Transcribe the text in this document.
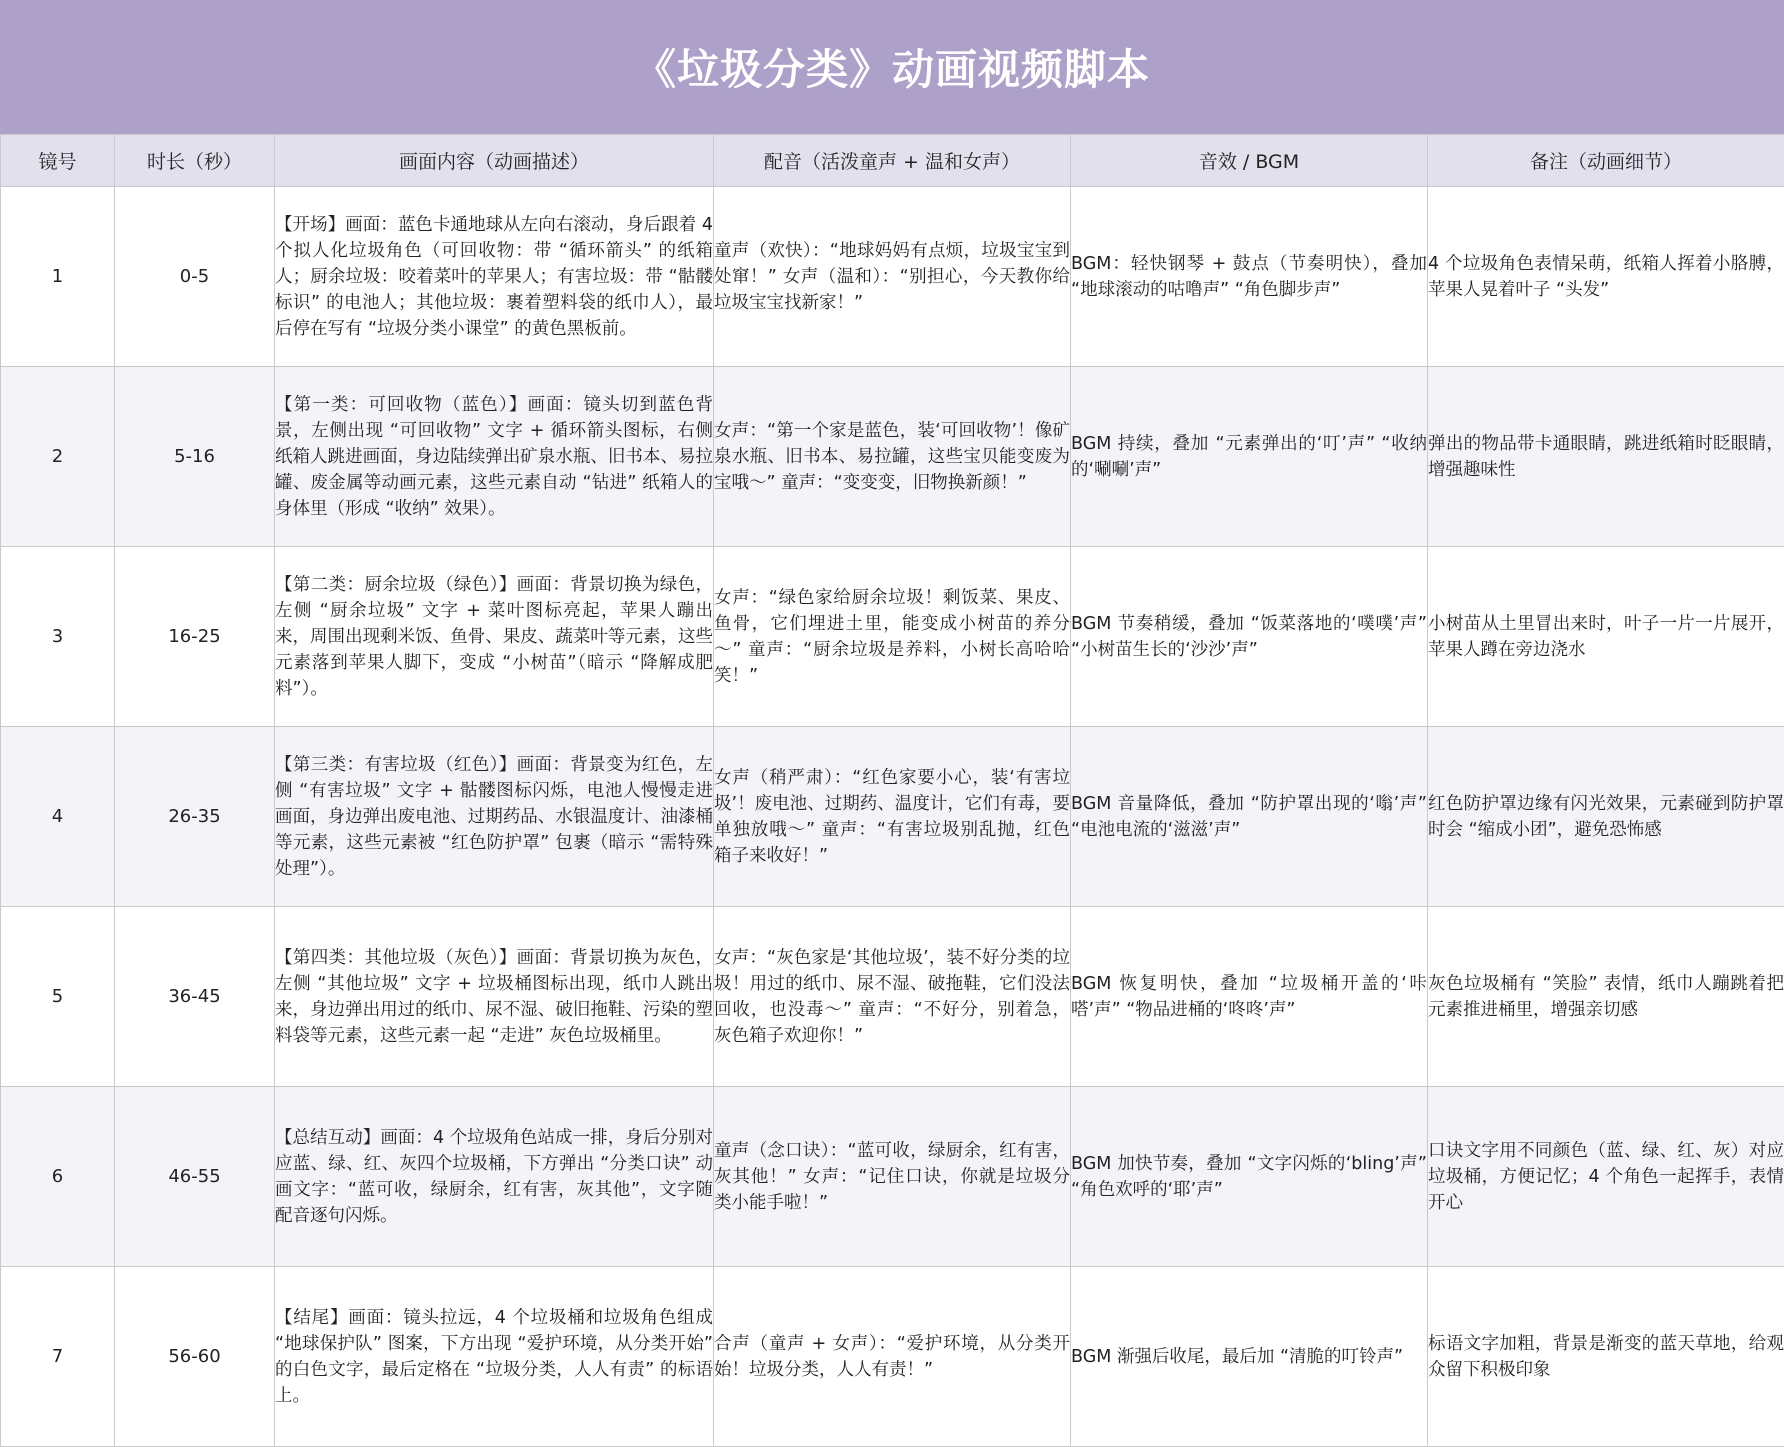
《垃圾分类》动画视频脚本
镜号	时长（秒）	画面内容（动画描述）	配音（活泼童声 + 温和女声）	音效 / BGM	备注（动画细节）
1	0-5	【开场】画面：蓝色卡通地球从左向右滚动，身后跟着 4 个拟人化垃圾角色（可回收物：带 “循环箭头” 的纸箱人；厨余垃圾：咬着菜叶的苹果人；有害垃圾：带 “骷髅标识” 的电池人；其他垃圾：裹着塑料袋的纸巾人），最后停在写有 “垃圾分类小课堂” 的黄色黑板前。	童声（欢快）：“地球妈妈有点烦，垃圾宝宝到处窜！” 女声（温和）：“别担心，今天教你给垃圾宝宝找新家！”	BGM：轻快钢琴 + 鼓点（节奏明快），叠加 “地球滚动的咕噜声” “角色脚步声”	4 个垃圾角色表情呆萌，纸箱人挥着小胳膊，苹果人晃着叶子 “头发”
2	5-16	【第一类：可回收物（蓝色）】画面：镜头切到蓝色背景，左侧出现 “可回收物” 文字 + 循环箭头图标，右侧纸箱人跳进画面，身边陆续弹出矿泉水瓶、旧书本、易拉罐、废金属等动画元素，这些元素自动 “钻进” 纸箱人的身体里（形成 “收纳” 效果）。	女声：“第一个家是蓝色，装‘可回收物’！像矿泉水瓶、旧书本、易拉罐，这些宝贝能变废为宝哦～” 童声：“变变变，旧物换新颜！”	BGM 持续，叠加 “元素弹出的‘叮’声” “收纳的‘唰唰’声”	弹出的物品带卡通眼睛，跳进纸箱时眨眼睛，增强趣味性
3	16-25	【第二类：厨余垃圾（绿色）】画面：背景切换为绿色，左侧 “厨余垃圾” 文字 + 菜叶图标亮起，苹果人蹦出来，周围出现剩米饭、鱼骨、果皮、蔬菜叶等元素，这些元素落到苹果人脚下，变成 “小树苗”（暗示 “降解成肥料”）。	女声：“绿色家给厨余垃圾！剩饭菜、果皮、鱼骨，它们埋进土里，能变成小树苗的养分～” 童声：“厨余垃圾是养料，小树长高哈哈笑！”	BGM 节奏稍缓，叠加 “饭菜落地的‘噗噗’声” “小树苗生长的‘沙沙’声”	小树苗从土里冒出来时，叶子一片一片展开，苹果人蹲在旁边浇水
4	26-35	【第三类：有害垃圾（红色）】画面：背景变为红色，左侧 “有害垃圾” 文字 + 骷髅图标闪烁，电池人慢慢走进画面，身边弹出废电池、过期药品、水银温度计、油漆桶等元素，这些元素被 “红色防护罩” 包裹（暗示 “需特殊处理”）。	女声（稍严肃）：“红色家要小心，装‘有害垃圾’！废电池、过期药、温度计，它们有毒，要单独放哦～” 童声：“有害垃圾别乱抛，红色箱子来收好！”	BGM 音量降低，叠加 “防护罩出现的‘嗡’声” “电池电流的‘滋滋’声”	红色防护罩边缘有闪光效果，元素碰到防护罩时会 “缩成小团”，避免恐怖感
5	36-45	【第四类：其他垃圾（灰色）】画面：背景切换为灰色，左侧 “其他垃圾” 文字 + 垃圾桶图标出现，纸巾人跳出来，身边弹出用过的纸巾、尿不湿、破旧拖鞋、污染的塑料袋等元素，这些元素一起 “走进” 灰色垃圾桶里。	女声：“灰色家是‘其他垃圾’，装不好分类的垃圾！用过的纸巾、尿不湿、破拖鞋，它们没法回收，也没毒～” 童声：“不好分，别着急，灰色箱子欢迎你！”	BGM 恢复明快，叠加 “垃圾桶开盖的‘咔嗒’声” “物品进桶的‘咚咚’声”	灰色垃圾桶有 “笑脸” 表情，纸巾人蹦跳着把元素推进桶里，增强亲切感
6	46-55	【总结互动】画面：4 个垃圾角色站成一排，身后分别对应蓝、绿、红、灰四个垃圾桶，下方弹出 “分类口诀” 动画文字：“蓝可收，绿厨余，红有害，灰其他”，文字随配音逐句闪烁。	童声（念口诀）：“蓝可收，绿厨余，红有害，灰其他！” 女声：“记住口诀，你就是垃圾分类小能手啦！”	BGM 加快节奏，叠加 “文字闪烁的‘bling’声” “角色欢呼的‘耶’声”	口诀文字用不同颜色（蓝、绿、红、灰）对应垃圾桶，方便记忆；4 个角色一起挥手，表情开心
7	56-60	【结尾】画面：镜头拉远，4 个垃圾桶和垃圾角色组成 “地球保护队” 图案，下方出现 “爱护环境，从分类开始” 的白色文字，最后定格在 “垃圾分类，人人有责” 的标语上。	合声（童声 + 女声）：“爱护环境，从分类开始！垃圾分类，人人有责！”	BGM 渐强后收尾，最后加 “清脆的叮铃声”	标语文字加粗，背景是渐变的蓝天草地，给观众留下积极印象
